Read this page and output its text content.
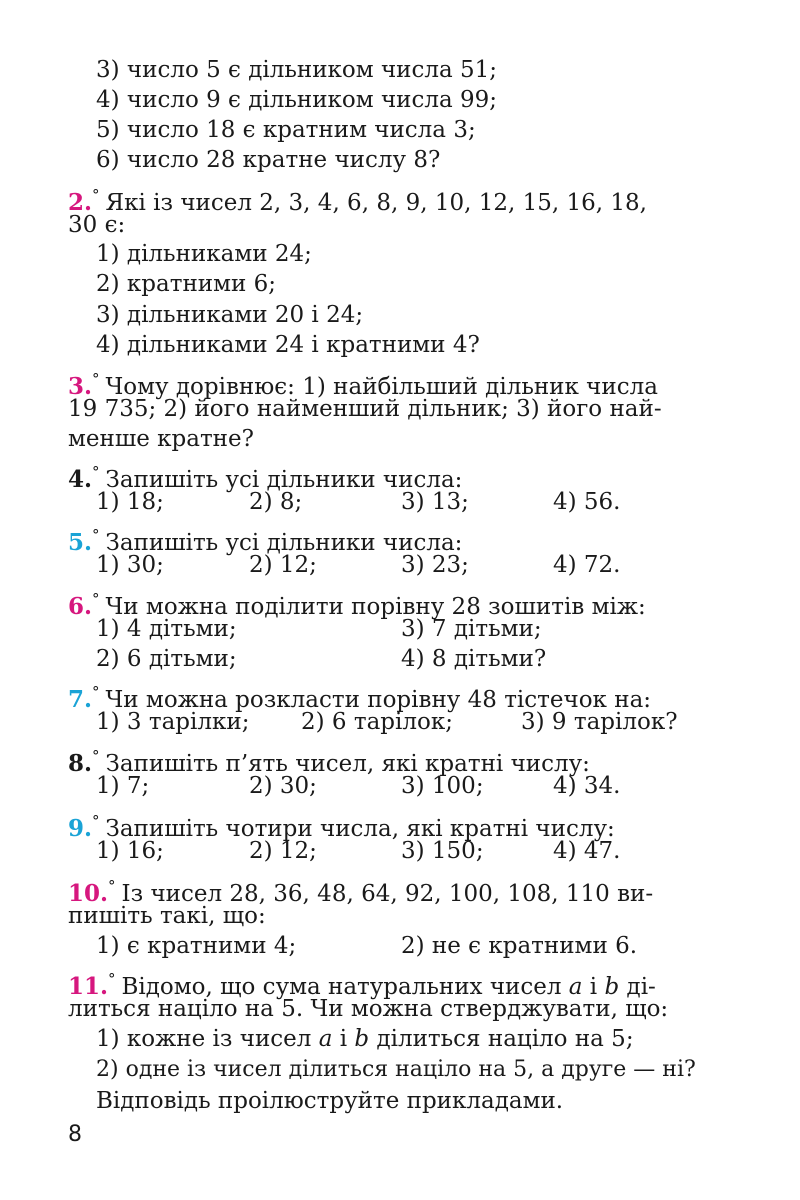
3) число 5 є дільником числа 51;
4) число 9 є дільником числа 99;
5) число 18 є кратним числа 3;
6) число 28 кратне числу 8?
2.° Які із чисел 2, 3, 4, 6, 8, 9, 10, 12, 15, 16, 18,
30 є:
1) дільниками 24;
2) кратними 6;
3) дільниками 20 і 24;
4) дільниками 24 і кратними 4?
3.° Чому дорівнює: 1) найбільший дільник числа
19 735; 2) його найменший дільник; 3) його най-
менше кратне?
4.° Запишіть усі дільники числа:
1) 18;	2) 8;	3) 13;	4) 56.
5.° Запишіть усі дільники числа:
1) 30;	2) 12;	3) 23;	4) 72.
6.° Чи можна поділити порівну 28 зошитів між:
1) 4 дітьми;	3) 7 дітьми;
2) 6 дітьми;	4) 8 дітьми?
7.° Чи можна розкласти порівну 48 тістечок на:
1) 3 тарілки; 2) 6 тарілок;	3) 9 тарілок?
8.° Запишіть п’ять чисел, які кратні числу:
1) 7;	2) 30;	3) 100;	4) 34.
9.° Запишіть чотири числа, які кратні числу:
1) 16;	2) 12;	3) 150;	4) 47.
10.° Із чисел 28, 36, 48, 64, 92, 100, 108, 110 ви-
пишіть такі, що:
1) є кратними 4;	2) не є кратними 6.
11.° Відомо, що сума натуральних чисел a і b ді-
литься націло на 5. Чи можна стверджувати, що:
1) кожне із чисел a і b ділиться націло на 5;
2) одне із чисел ділиться націло на 5, а друге — ні?
Відповідь проілюструйте прикладами.
8
